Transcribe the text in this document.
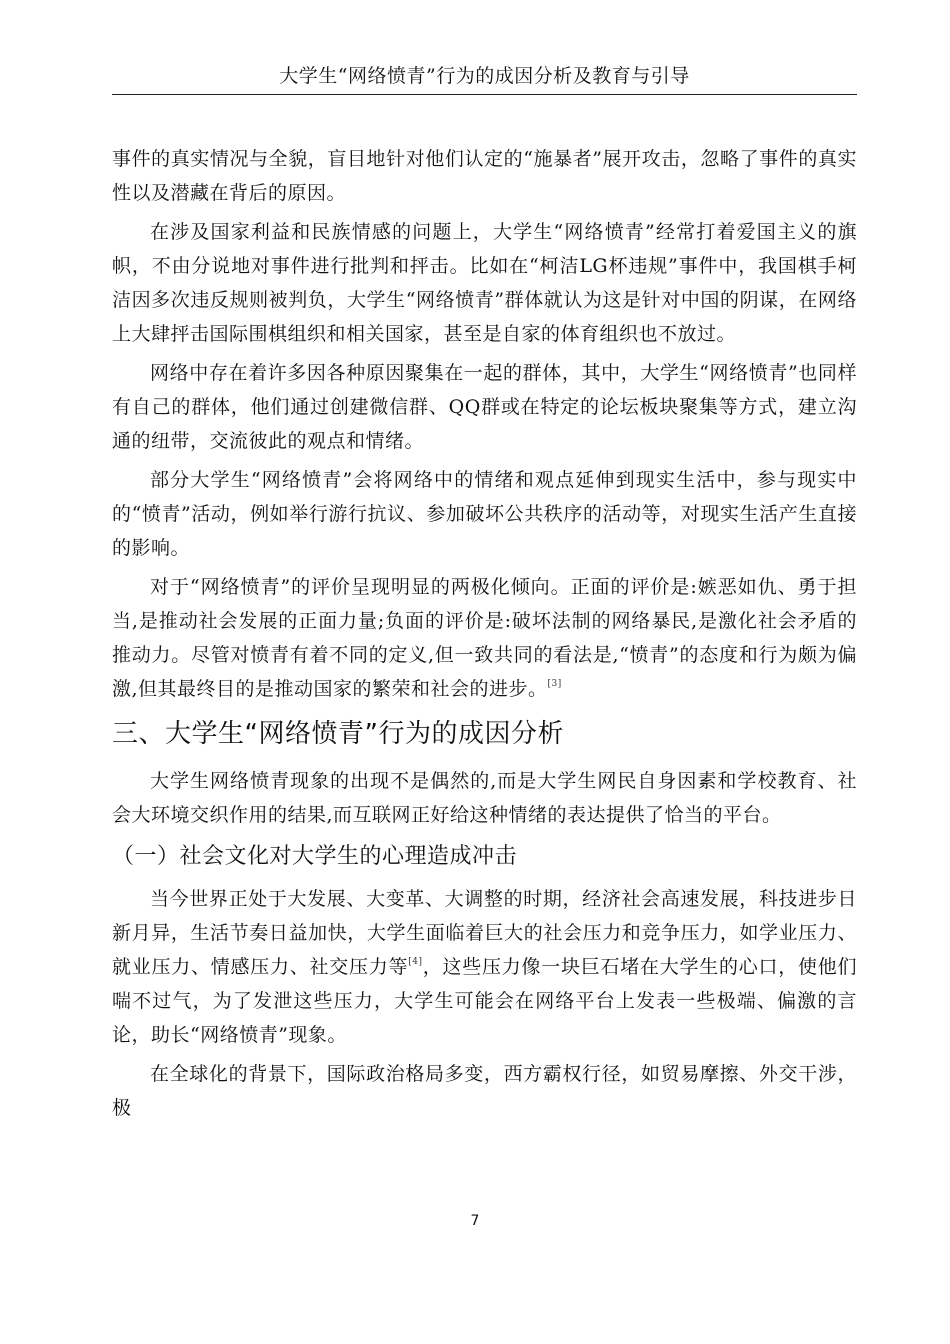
大学生“网络愤青”行为的成因分析及教育与引导

事件的真实情况与全貌，盲目地针对他们认定的“施暴者”展开攻击，忽略了事件的真实性以及潜藏在背后的原因。

在涉及国家利益和民族情感的问题上，大学生“网络愤青”经常打着爱国主义的旗帜，不由分说地对事件进行批判和抨击。比如在“柯洁LG杯违规”事件中，我国棋手柯洁因多次违反规则被判负，大学生“网络愤青”群体就认为这是针对中国的阴谋，在网络上大肆抨击国际围棋组织和相关国家，甚至是自家的体育组织也不放过。

网络中存在着许多因各种原因聚集在一起的群体，其中，大学生“网络愤青”也同样有自己的群体，他们通过创建微信群、QQ群或在特定的论坛板块聚集等方式，建立沟通的纽带，交流彼此的观点和情绪。

部分大学生“网络愤青”会将网络中的情绪和观点延伸到现实生活中，参与现实中的“愤青”活动，例如举行游行抗议、参加破坏公共秩序的活动等，对现实生活产生直接的影响。

对于“网络愤青”的评价呈现明显的两极化倾向。正面的评价是:嫉恶如仇、勇于担当,是推动社会发展的正面力量;负面的评价是:破坏法制的网络暴民,是激化社会矛盾的推动力。尽管对愤青有着不同的定义,但一致共同的看法是,“愤青”的态度和行为颇为偏激,但其最终目的是推动国家的繁荣和社会的进步。[3]

三、大学生“网络愤青”行为的成因分析

大学生网络愤青现象的出现不是偶然的,而是大学生网民自身因素和学校教育、社会大环境交织作用的结果,而互联网正好给这种情绪的表达提供了恰当的平台。

（一）社会文化对大学生的心理造成冲击

当今世界正处于大发展、大变革、大调整的时期，经济社会高速发展，科技进步日新月异，生活节奏日益加快，大学生面临着巨大的社会压力和竞争压力，如学业压力、就业压力、情感压力、社交压力等[4]，这些压力像一块巨石堵在大学生的心口，使他们喘不过气，为了发泄这些压力，大学生可能会在网络平台上发表一些极端、偏激的言论，助长“网络愤青”现象。

在全球化的背景下，国际政治格局多变，西方霸权行径，如贸易摩擦、外交干涉，极

7
